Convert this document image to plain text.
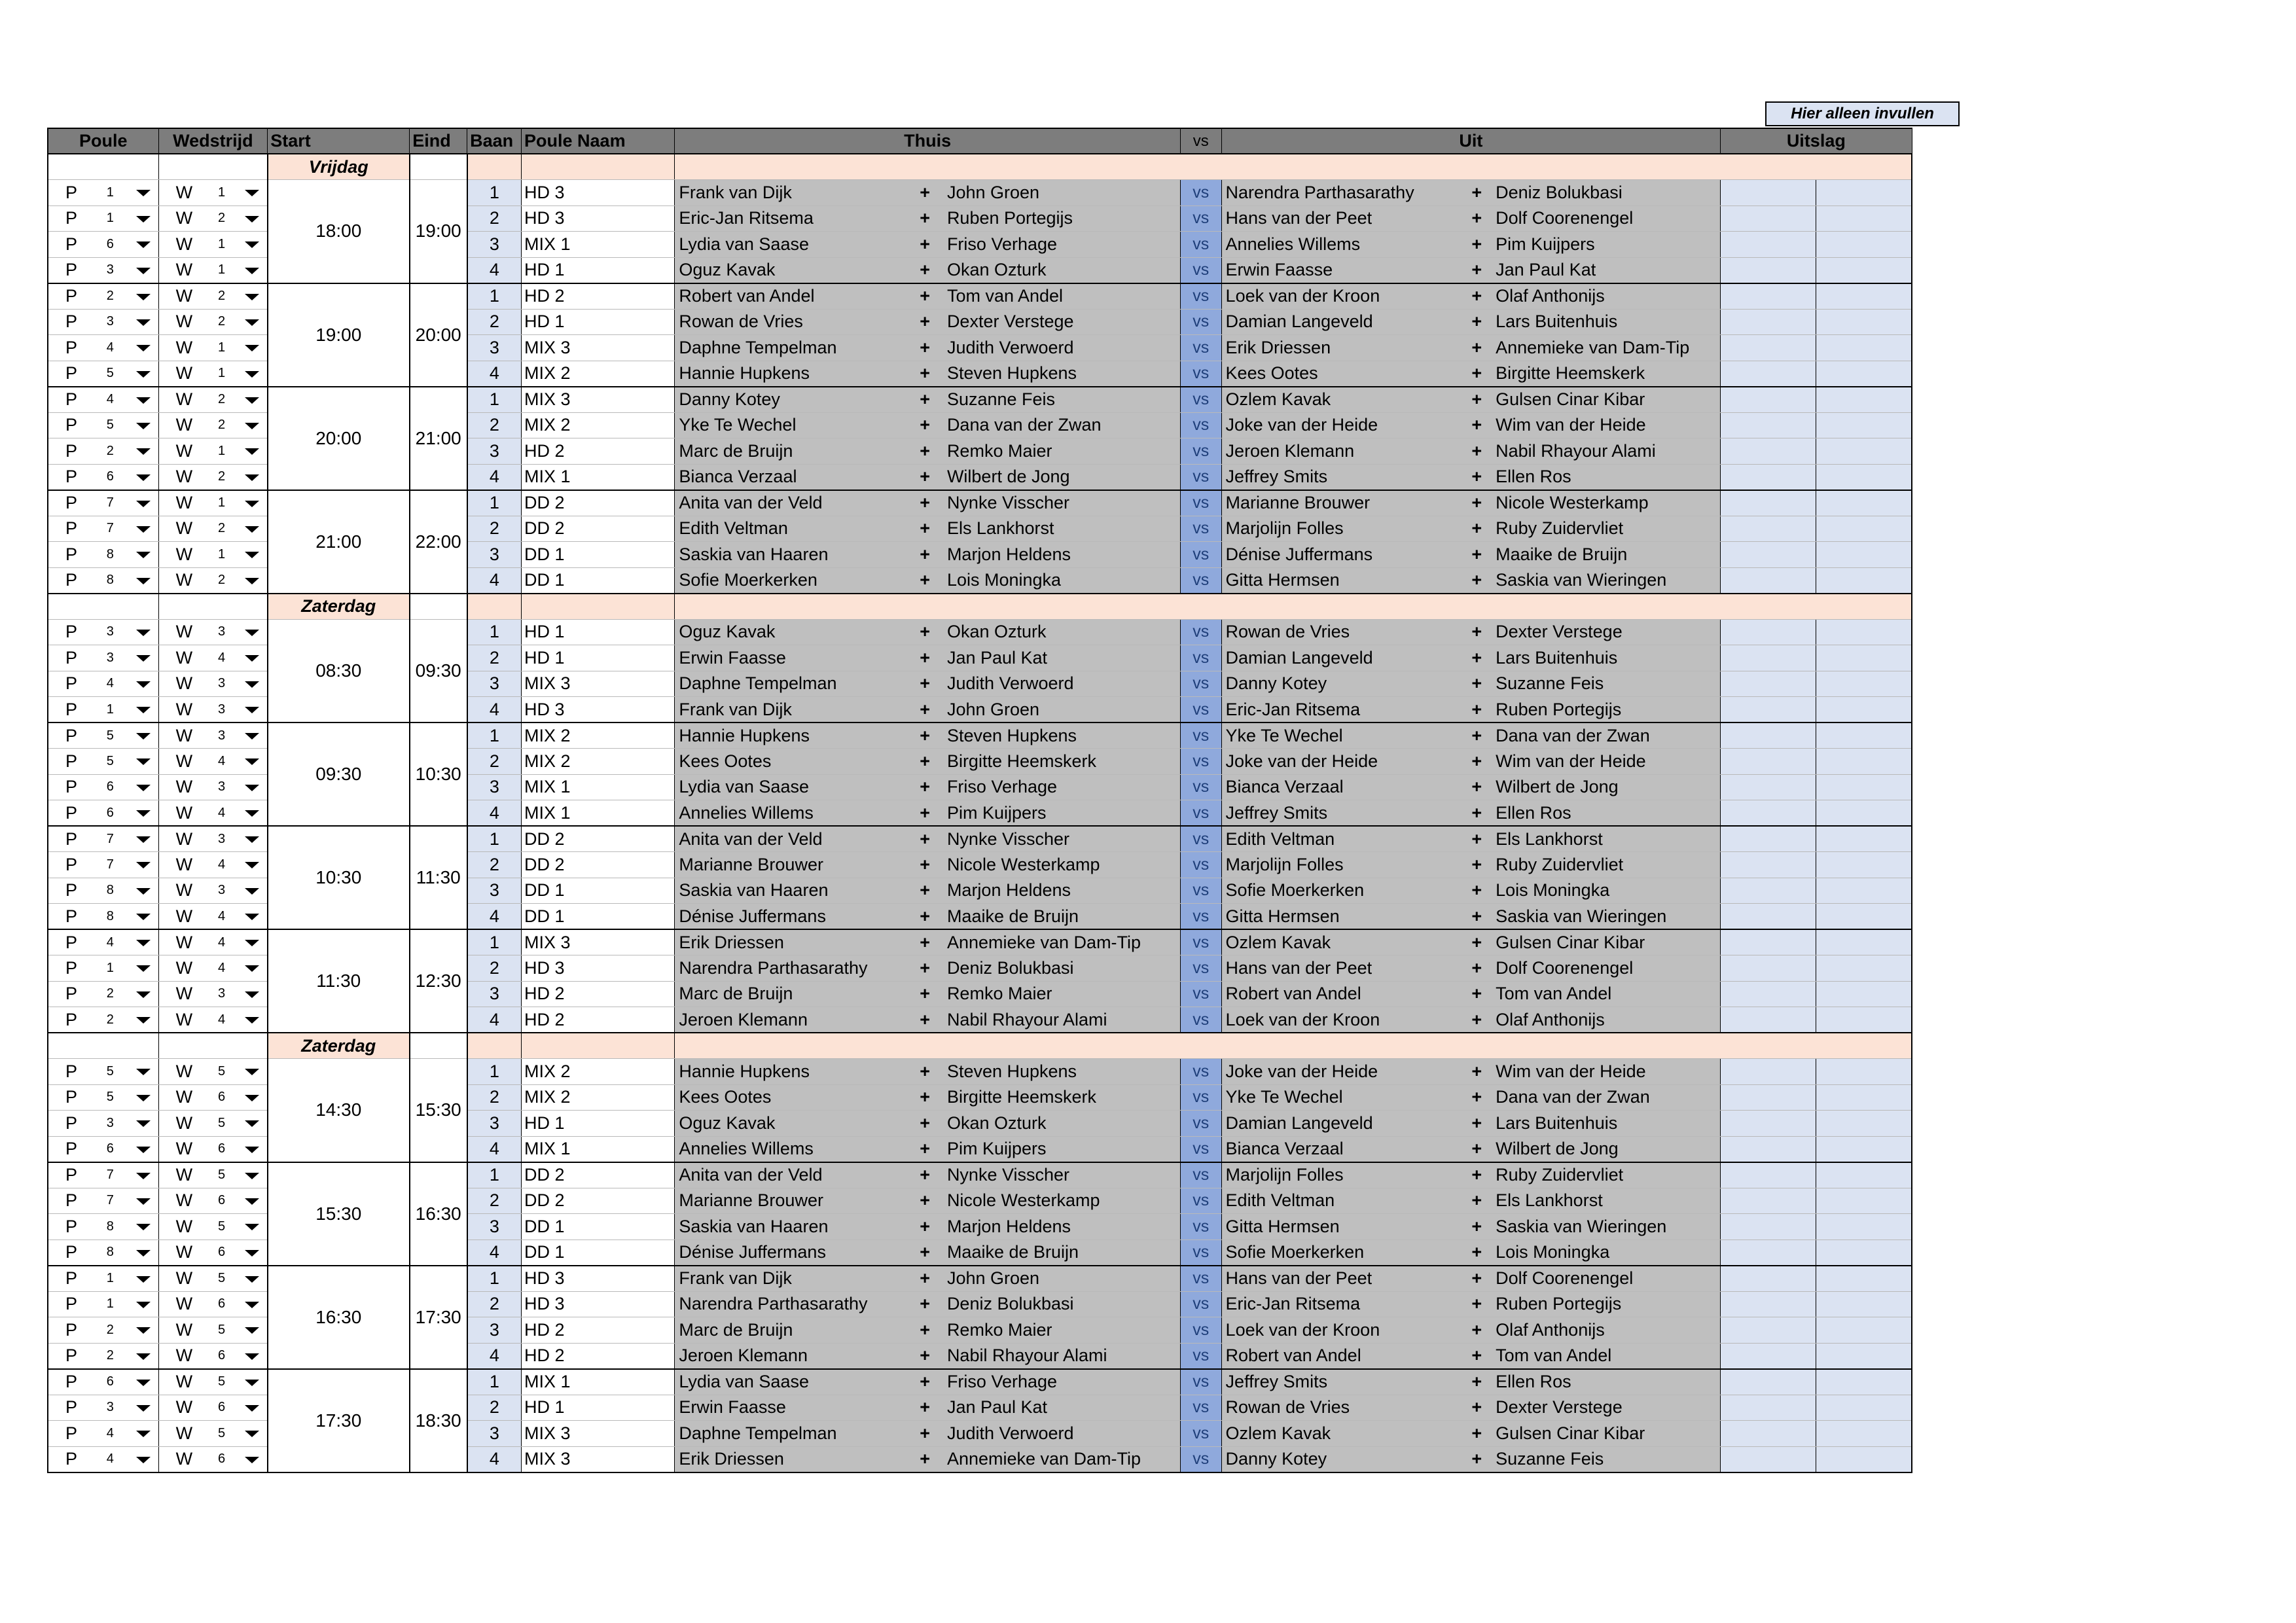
Hier alleen invullen
Poule		Wedstrijd		Start	Eind	Baan	Poule Naam	Thuis			vs	Uit			Uitslag	
				Vrijdag												
P	1	W	1	18:00	19:00	1	HD 3	Frank van Dijk	+	John Groen	vs	Narendra Parthasarathy	+	Deniz Bolukbasi		
P	1	W	2			2	HD 3	Eric-Jan Ritsema	+	Ruben Portegijs	vs	Hans van der Peet	+	Dolf Coorenengel		
P	6	W	1			3	MIX 1	Lydia van Saase	+	Friso Verhage	vs	Annelies Willems	+	Pim Kuijpers		
P	3	W	1			4	HD 1	Oguz Kavak	+	Okan Ozturk	vs	Erwin Faasse	+	Jan Paul Kat		
P	2	W	2	19:00	20:00	1	HD 2	Robert van Andel	+	Tom van Andel	vs	Loek van der Kroon	+	Olaf Anthonijs		
P	3	W	2			2	HD 1	Rowan de Vries	+	Dexter Verstege	vs	Damian Langeveld	+	Lars Buitenhuis		
P	4	W	1			3	MIX 3	Daphne Tempelman	+	Judith Verwoerd	vs	Erik Driessen	+	Annemieke van Dam-Tip		
P	5	W	1			4	MIX 2	Hannie Hupkens	+	Steven Hupkens	vs	Kees Ootes	+	Birgitte Heemskerk		
P	4	W	2	20:00	21:00	1	MIX 3	Danny Kotey	+	Suzanne Feis	vs	Ozlem Kavak	+	Gulsen Cinar Kibar		
P	5	W	2			2	MIX 2	Yke Te Wechel	+	Dana van der Zwan	vs	Joke van der Heide	+	Wim van der Heide		
P	2	W	1			3	HD 2	Marc de Bruijn	+	Remko Maier	vs	Jeroen Klemann	+	Nabil Rhayour Alami		
P	6	W	2			4	MIX 1	Bianca Verzaal	+	Wilbert de Jong	vs	Jeffrey Smits	+	Ellen Ros		
P	7	W	1	21:00	22:00	1	DD 2	Anita van der Veld	+	Nynke Visscher	vs	Marianne Brouwer	+	Nicole Westerkamp		
P	7	W	2			2	DD 2	Edith Veltman	+	Els Lankhorst	vs	Marjolijn Folles	+	Ruby Zuidervliet		
P	8	W	1			3	DD 1	Saskia van Haaren	+	Marjon Heldens	vs	Dénise Juffermans	+	Maaike de Bruijn		
P	8	W	2			4	DD 1	Sofie Moerkerken	+	Lois Moningka	vs	Gitta Hermsen	+	Saskia van Wieringen		
				Zaterdag												
P	3	W	3	08:30	09:30	1	HD 1	Oguz Kavak	+	Okan Ozturk	vs	Rowan de Vries	+	Dexter Verstege		
P	3	W	4			2	HD 1	Erwin Faasse	+	Jan Paul Kat	vs	Damian Langeveld	+	Lars Buitenhuis		
P	4	W	3			3	MIX 3	Daphne Tempelman	+	Judith Verwoerd	vs	Danny Kotey	+	Suzanne Feis		
P	1	W	3			4	HD 3	Frank van Dijk	+	John Groen	vs	Eric-Jan Ritsema	+	Ruben Portegijs		
P	5	W	3	09:30	10:30	1	MIX 2	Hannie Hupkens	+	Steven Hupkens	vs	Yke Te Wechel	+	Dana van der Zwan		
P	5	W	4			2	MIX 2	Kees Ootes	+	Birgitte Heemskerk	vs	Joke van der Heide	+	Wim van der Heide		
P	6	W	3			3	MIX 1	Lydia van Saase	+	Friso Verhage	vs	Bianca Verzaal	+	Wilbert de Jong		
P	6	W	4			4	MIX 1	Annelies Willems	+	Pim Kuijpers	vs	Jeffrey Smits	+	Ellen Ros		
P	7	W	3	10:30	11:30	1	DD 2	Anita van der Veld	+	Nynke Visscher	vs	Edith Veltman	+	Els Lankhorst		
P	7	W	4			2	DD 2	Marianne Brouwer	+	Nicole Westerkamp	vs	Marjolijn Folles	+	Ruby Zuidervliet		
P	8	W	3			3	DD 1	Saskia van Haaren	+	Marjon Heldens	vs	Sofie Moerkerken	+	Lois Moningka		
P	8	W	4			4	DD 1	Dénise Juffermans	+	Maaike de Bruijn	vs	Gitta Hermsen	+	Saskia van Wieringen		
P	4	W	4	11:30	12:30	1	MIX 3	Erik Driessen	+	Annemieke van Dam-Tip	vs	Ozlem Kavak	+	Gulsen Cinar Kibar		
P	1	W	4			2	HD 3	Narendra Parthasarathy	+	Deniz Bolukbasi	vs	Hans van der Peet	+	Dolf Coorenengel		
P	2	W	3			3	HD 2	Marc de Bruijn	+	Remko Maier	vs	Robert van Andel	+	Tom van Andel		
P	2	W	4			4	HD 2	Jeroen Klemann	+	Nabil Rhayour Alami	vs	Loek van der Kroon	+	Olaf Anthonijs		
				Zaterdag												
P	5	W	5	14:30	15:30	1	MIX 2	Hannie Hupkens	+	Steven Hupkens	vs	Joke van der Heide	+	Wim van der Heide		
P	5	W	6			2	MIX 2	Kees Ootes	+	Birgitte Heemskerk	vs	Yke Te Wechel	+	Dana van der Zwan		
P	3	W	5			3	HD 1	Oguz Kavak	+	Okan Ozturk	vs	Damian Langeveld	+	Lars Buitenhuis		
P	6	W	6			4	MIX 1	Annelies Willems	+	Pim Kuijpers	vs	Bianca Verzaal	+	Wilbert de Jong		
P	7	W	5	15:30	16:30	1	DD 2	Anita van der Veld	+	Nynke Visscher	vs	Marjolijn Folles	+	Ruby Zuidervliet		
P	7	W	6			2	DD 2	Marianne Brouwer	+	Nicole Westerkamp	vs	Edith Veltman	+	Els Lankhorst		
P	8	W	5			3	DD 1	Saskia van Haaren	+	Marjon Heldens	vs	Gitta Hermsen	+	Saskia van Wieringen		
P	8	W	6			4	DD 1	Dénise Juffermans	+	Maaike de Bruijn	vs	Sofie Moerkerken	+	Lois Moningka		
P	1	W	5	16:30	17:30	1	HD 3	Frank van Dijk	+	John Groen	vs	Hans van der Peet	+	Dolf Coorenengel		
P	1	W	6			2	HD 3	Narendra Parthasarathy	+	Deniz Bolukbasi	vs	Eric-Jan Ritsema	+	Ruben Portegijs		
P	2	W	5			3	HD 2	Marc de Bruijn	+	Remko Maier	vs	Loek van der Kroon	+	Olaf Anthonijs		
P	2	W	6			4	HD 2	Jeroen Klemann	+	Nabil Rhayour Alami	vs	Robert van Andel	+	Tom van Andel		
P	6	W	5	17:30	18:30	1	MIX 1	Lydia van Saase	+	Friso Verhage	vs	Jeffrey Smits	+	Ellen Ros		
P	3	W	6			2	HD 1	Erwin Faasse	+	Jan Paul Kat	vs	Rowan de Vries	+	Dexter Verstege		
P	4	W	5			3	MIX 3	Daphne Tempelman	+	Judith Verwoerd	vs	Ozlem Kavak	+	Gulsen Cinar Kibar		
P	4	W	6			4	MIX 3	Erik Driessen	+	Annemieke van Dam-Tip	vs	Danny Kotey	+	Suzanne Feis		
